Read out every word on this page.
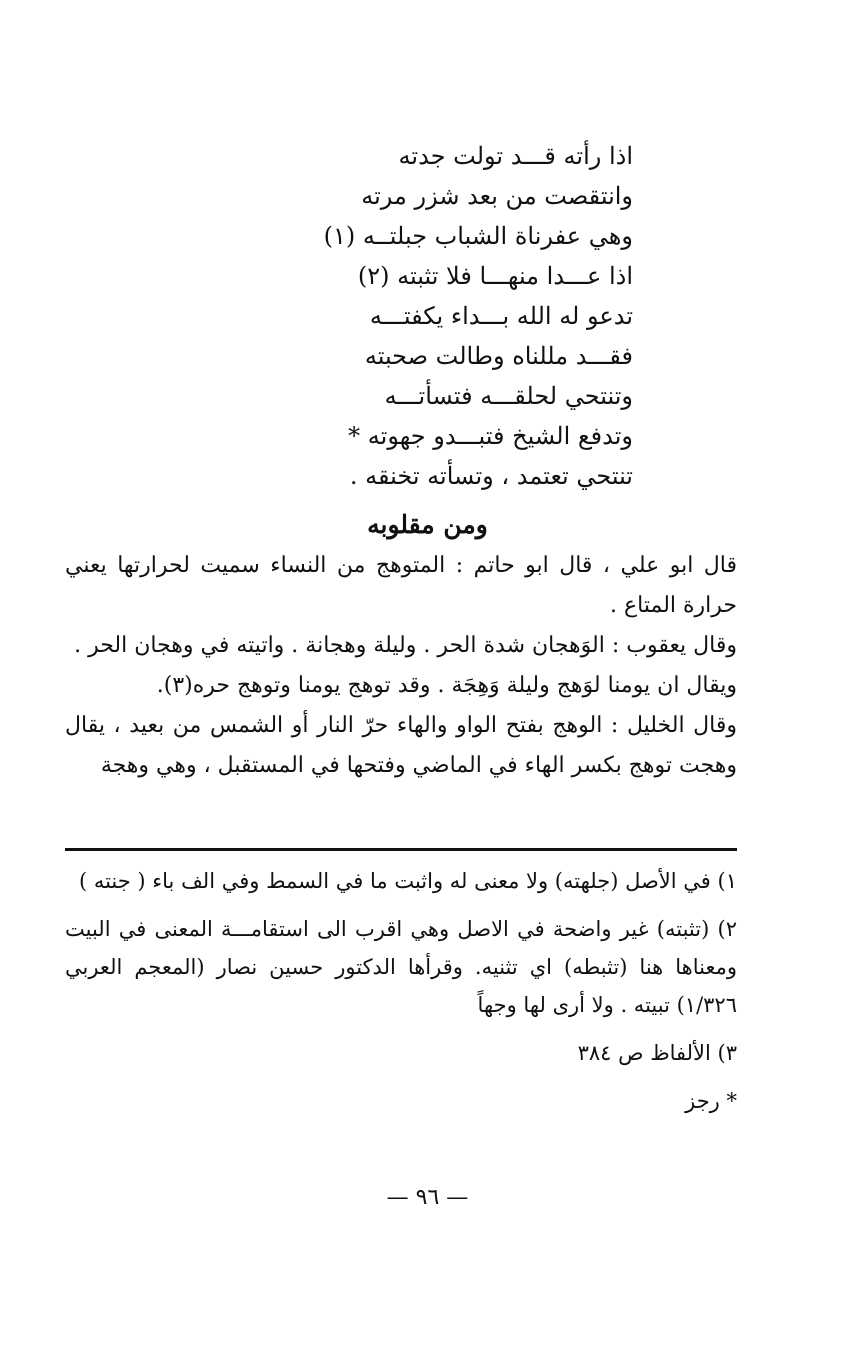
اذا رأته قـــد تولت جدته
وانتقصت من بعد شزر مرته
وهي عفرناة الشباب جبلتــه (١)
اذا عـــدا منهـــا فلا تثبته (٢)
تدعو له الله بـــداء يكفتـــه
فقـــد مللناه وطالت صحبته
وتنتحي لحلقـــه فتسأتـــه
وتدفع الشيخ فتبـــدو جهوته *
تنتحي تعتمد ، وتسأته تخنقه .
ومن مقلوبه

قال ابو علي ، قال ابو حاتم : المتوهج من النساء سميت لحرارتها يعني حرارة المتاع .

وقال يعقوب : الوَهجان شدة الحر . وليلة وهجانة . واتيته في وهجان الحر .

ويقال ان يومنا لوَهج وليلة وَهِجَة . وقد توهج يومنا وتوهج حره(٣).

وقال الخليل : الوهج بفتح الواو والهاء حرّ النار أو الشمس من بعيد ، يقال وهجت توهج بكسر الهاء في الماضي وفتحها في المستقبل ، وهي وهجة

١) في الأصل (جلهته) ولا معنى له واثبت ما في السمط وفي الف باء ( جنته )

٢) (تثبته) غير واضحة في الاصل وهي اقرب الى استقامـــة المعنى في البيت ومعناها هنا (تثبطه) اي تثنيه. وقرأها الدكتور حسين نصار (المعجم العربي ١/٣٢٦) تبيته . ولا أرى لها وجهاً

٣) الألفاظ ص ٣٨٤

* رجز
— ٩٦ —
